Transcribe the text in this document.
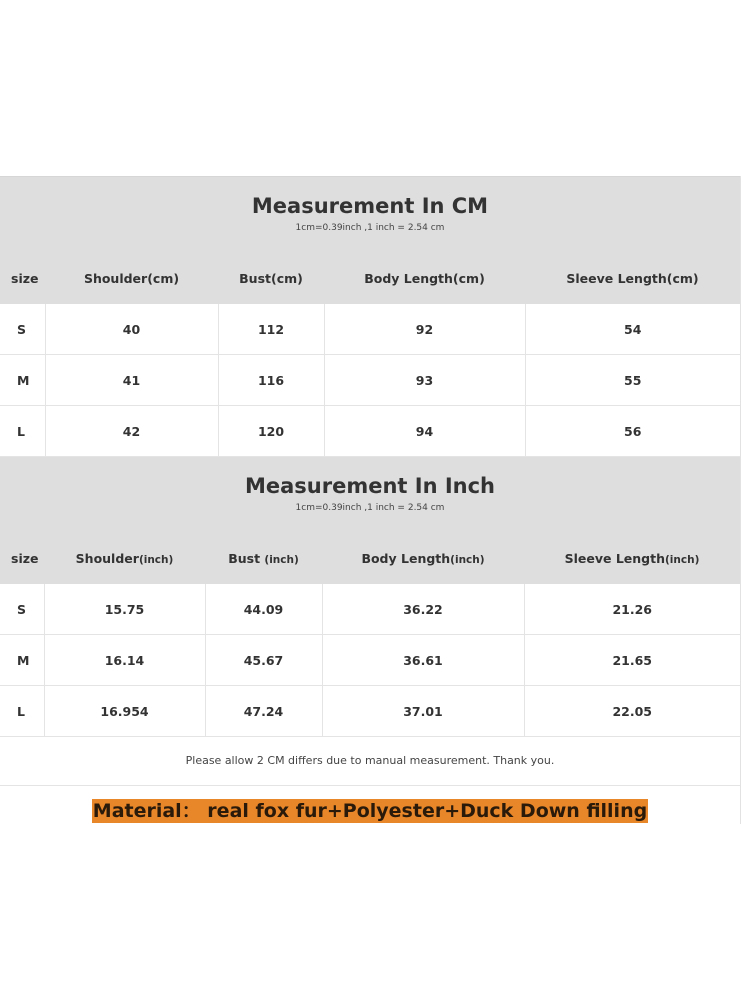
Measurement In CM
1cm=0.39inch ,1 inch = 2.54 cm
size	Shoulder(cm)	Bust(cm)	Body Length(cm)	Sleeve Length(cm)
S	40	112	92	54
M	41	116	93	55
L	42	120	94	56
Measurement In Inch
1cm=0.39inch ,1 inch = 2.54 cm
size	Shoulder(inch)	Bust (inch)	Body Length(inch)	Sleeve Length(inch)
S	15.75	44.09	36.22	21.26
M	16.14	45.67	36.61	21.65
L	16.954	47.24	37.01	22.05
Please allow 2 CM differs due to manual measurement. Thank you.
Material： real fox fur+Polyester+Duck Down filling
